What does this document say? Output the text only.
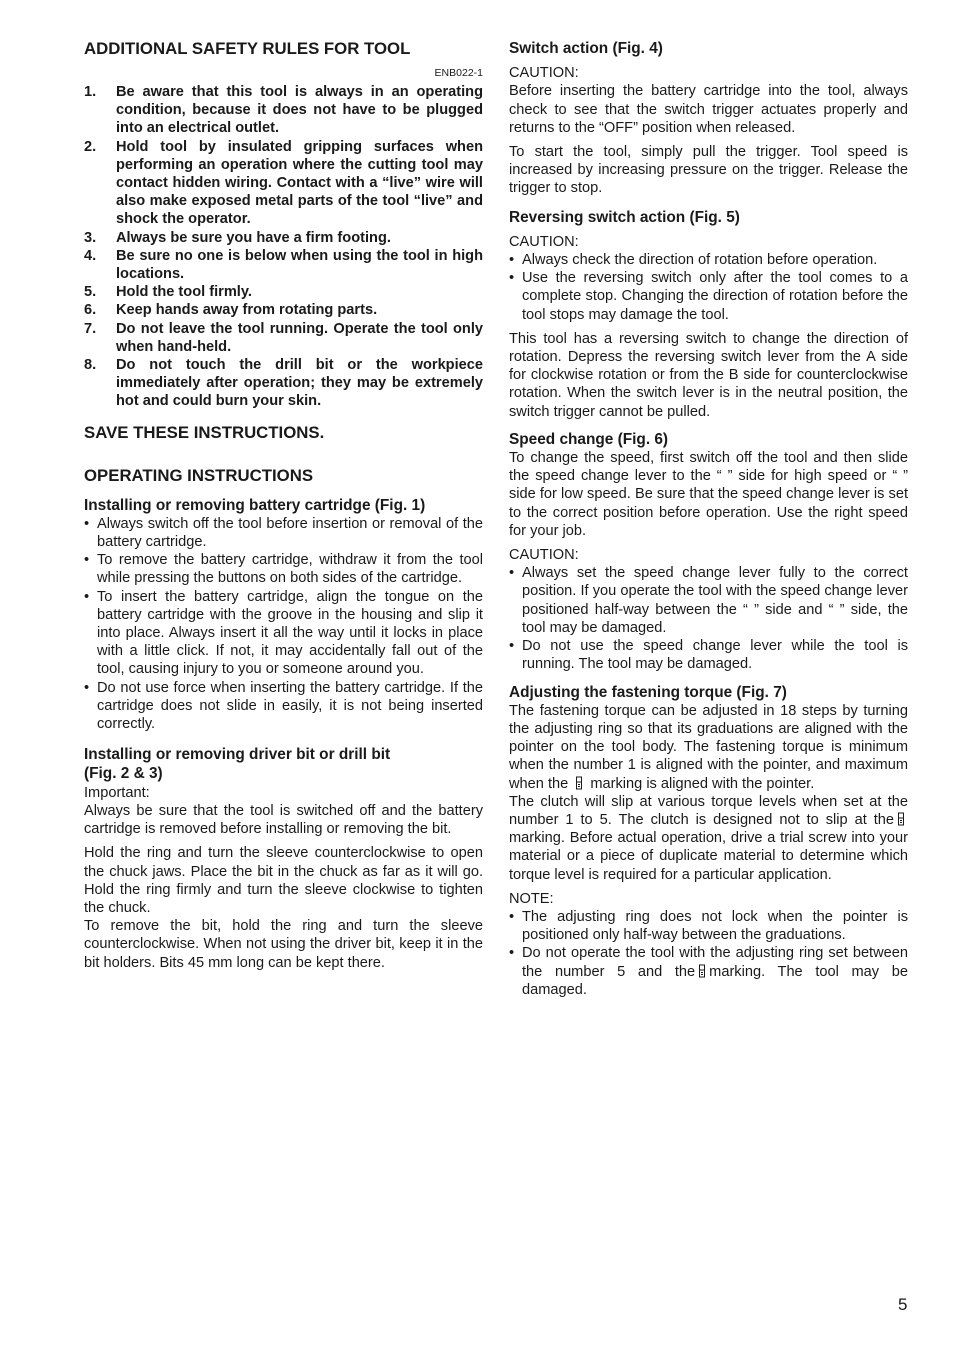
ADDITIONAL SAFETY RULES FOR TOOL
ENB022-1
1. Be aware that this tool is always in an operating condition, because it does not have to be plugged into an electrical outlet.
2. Hold tool by insulated gripping surfaces when performing an operation where the cutting tool may contact hidden wiring. Contact with a “live” wire will also make exposed metal parts of the tool “live” and shock the operator.
3. Always be sure you have a firm footing.
4. Be sure no one is below when using the tool in high locations.
5. Hold the tool firmly.
6. Keep hands away from rotating parts.
7. Do not leave the tool running. Operate the tool only when hand-held.
8. Do not touch the drill bit or the workpiece immediately after operation; they may be extremely hot and could burn your skin.
SAVE THESE INSTRUCTIONS.
OPERATING INSTRUCTIONS
Installing or removing battery cartridge (Fig. 1)
• Always switch off the tool before insertion or removal of the battery cartridge.
• To remove the battery cartridge, withdraw it from the tool while pressing the buttons on both sides of the cartridge.
• To insert the battery cartridge, align the tongue on the battery cartridge with the groove in the housing and slip it into place. Always insert it all the way until it locks in place with a little click. If not, it may accidentally fall out of the tool, causing injury to you or someone around you.
• Do not use force when inserting the battery cartridge. If the cartridge does not slide in easily, it is not being inserted correctly.
Installing or removing driver bit or drill bit
(Fig. 2 & 3)

Important:

Always be sure that the tool is switched off and the battery cartridge is removed before installing or removing the bit.

Hold the ring and turn the sleeve counterclockwise to open the chuck jaws. Place the bit in the chuck as far as it will go. Hold the ring firmly and turn the sleeve clockwise to tighten the chuck.

To remove the bit, hold the ring and turn the sleeve counterclockwise. When not using the driver bit, keep it in the bit holders. Bits 45 mm long can be kept there.

Switch action (Fig. 4)

CAUTION:

Before inserting the battery cartridge into the tool, always check to see that the switch trigger actuates properly and returns to the “OFF” position when released.

To start the tool, simply pull the trigger. Tool speed is increased by increasing pressure on the trigger. Release the trigger to stop.

Reversing switch action (Fig. 5)

CAUTION:

• Always check the direction of rotation before operation.
• Use the reversing switch only after the tool comes to a complete stop. Changing the direction of rotation before the tool stops may damage the tool.

This tool has a reversing switch to change the direction of rotation. Depress the reversing switch lever from the A side for clockwise rotation or from the B side for counterclockwise rotation. When the switch lever is in the neutral position, the switch trigger cannot be pulled.

Speed change (Fig. 6)

To change the speed, first switch off the tool and then slide the speed change lever to the “ ” side for high speed or “ ” side for low speed. Be sure that the speed change lever is set to the correct position before operation. Use the right speed for your job.

CAUTION:

• Always set the speed change lever fully to the correct position. If you operate the tool with the speed change lever positioned half-way between the “ ” side and “ ” side, the tool may be damaged.
• Do not use the speed change lever while the tool is running. The tool may be damaged.
Adjusting the fastening torque (Fig. 7)

The fastening torque can be adjusted in 18 steps by turning the adjusting ring so that its graduations are aligned with the pointer on the tool body. The fastening torque is minimum when the number 1 is aligned with the pointer, and maximum when the marking is aligned with the pointer.

The clutch will slip at various torque levels when set at the number 1 to 5. The clutch is designed not to slip at themarking. Before actual operation, drive a trial screw into your material or a piece of duplicate material to determine which torque level is required for a particular application.

NOTE:

• The adjusting ring does not lock when the pointer is positioned only half-way between the graduations.
• Do not operate the tool with the adjusting ring set between the number 5 and the marking. The tool may be damaged.
5
